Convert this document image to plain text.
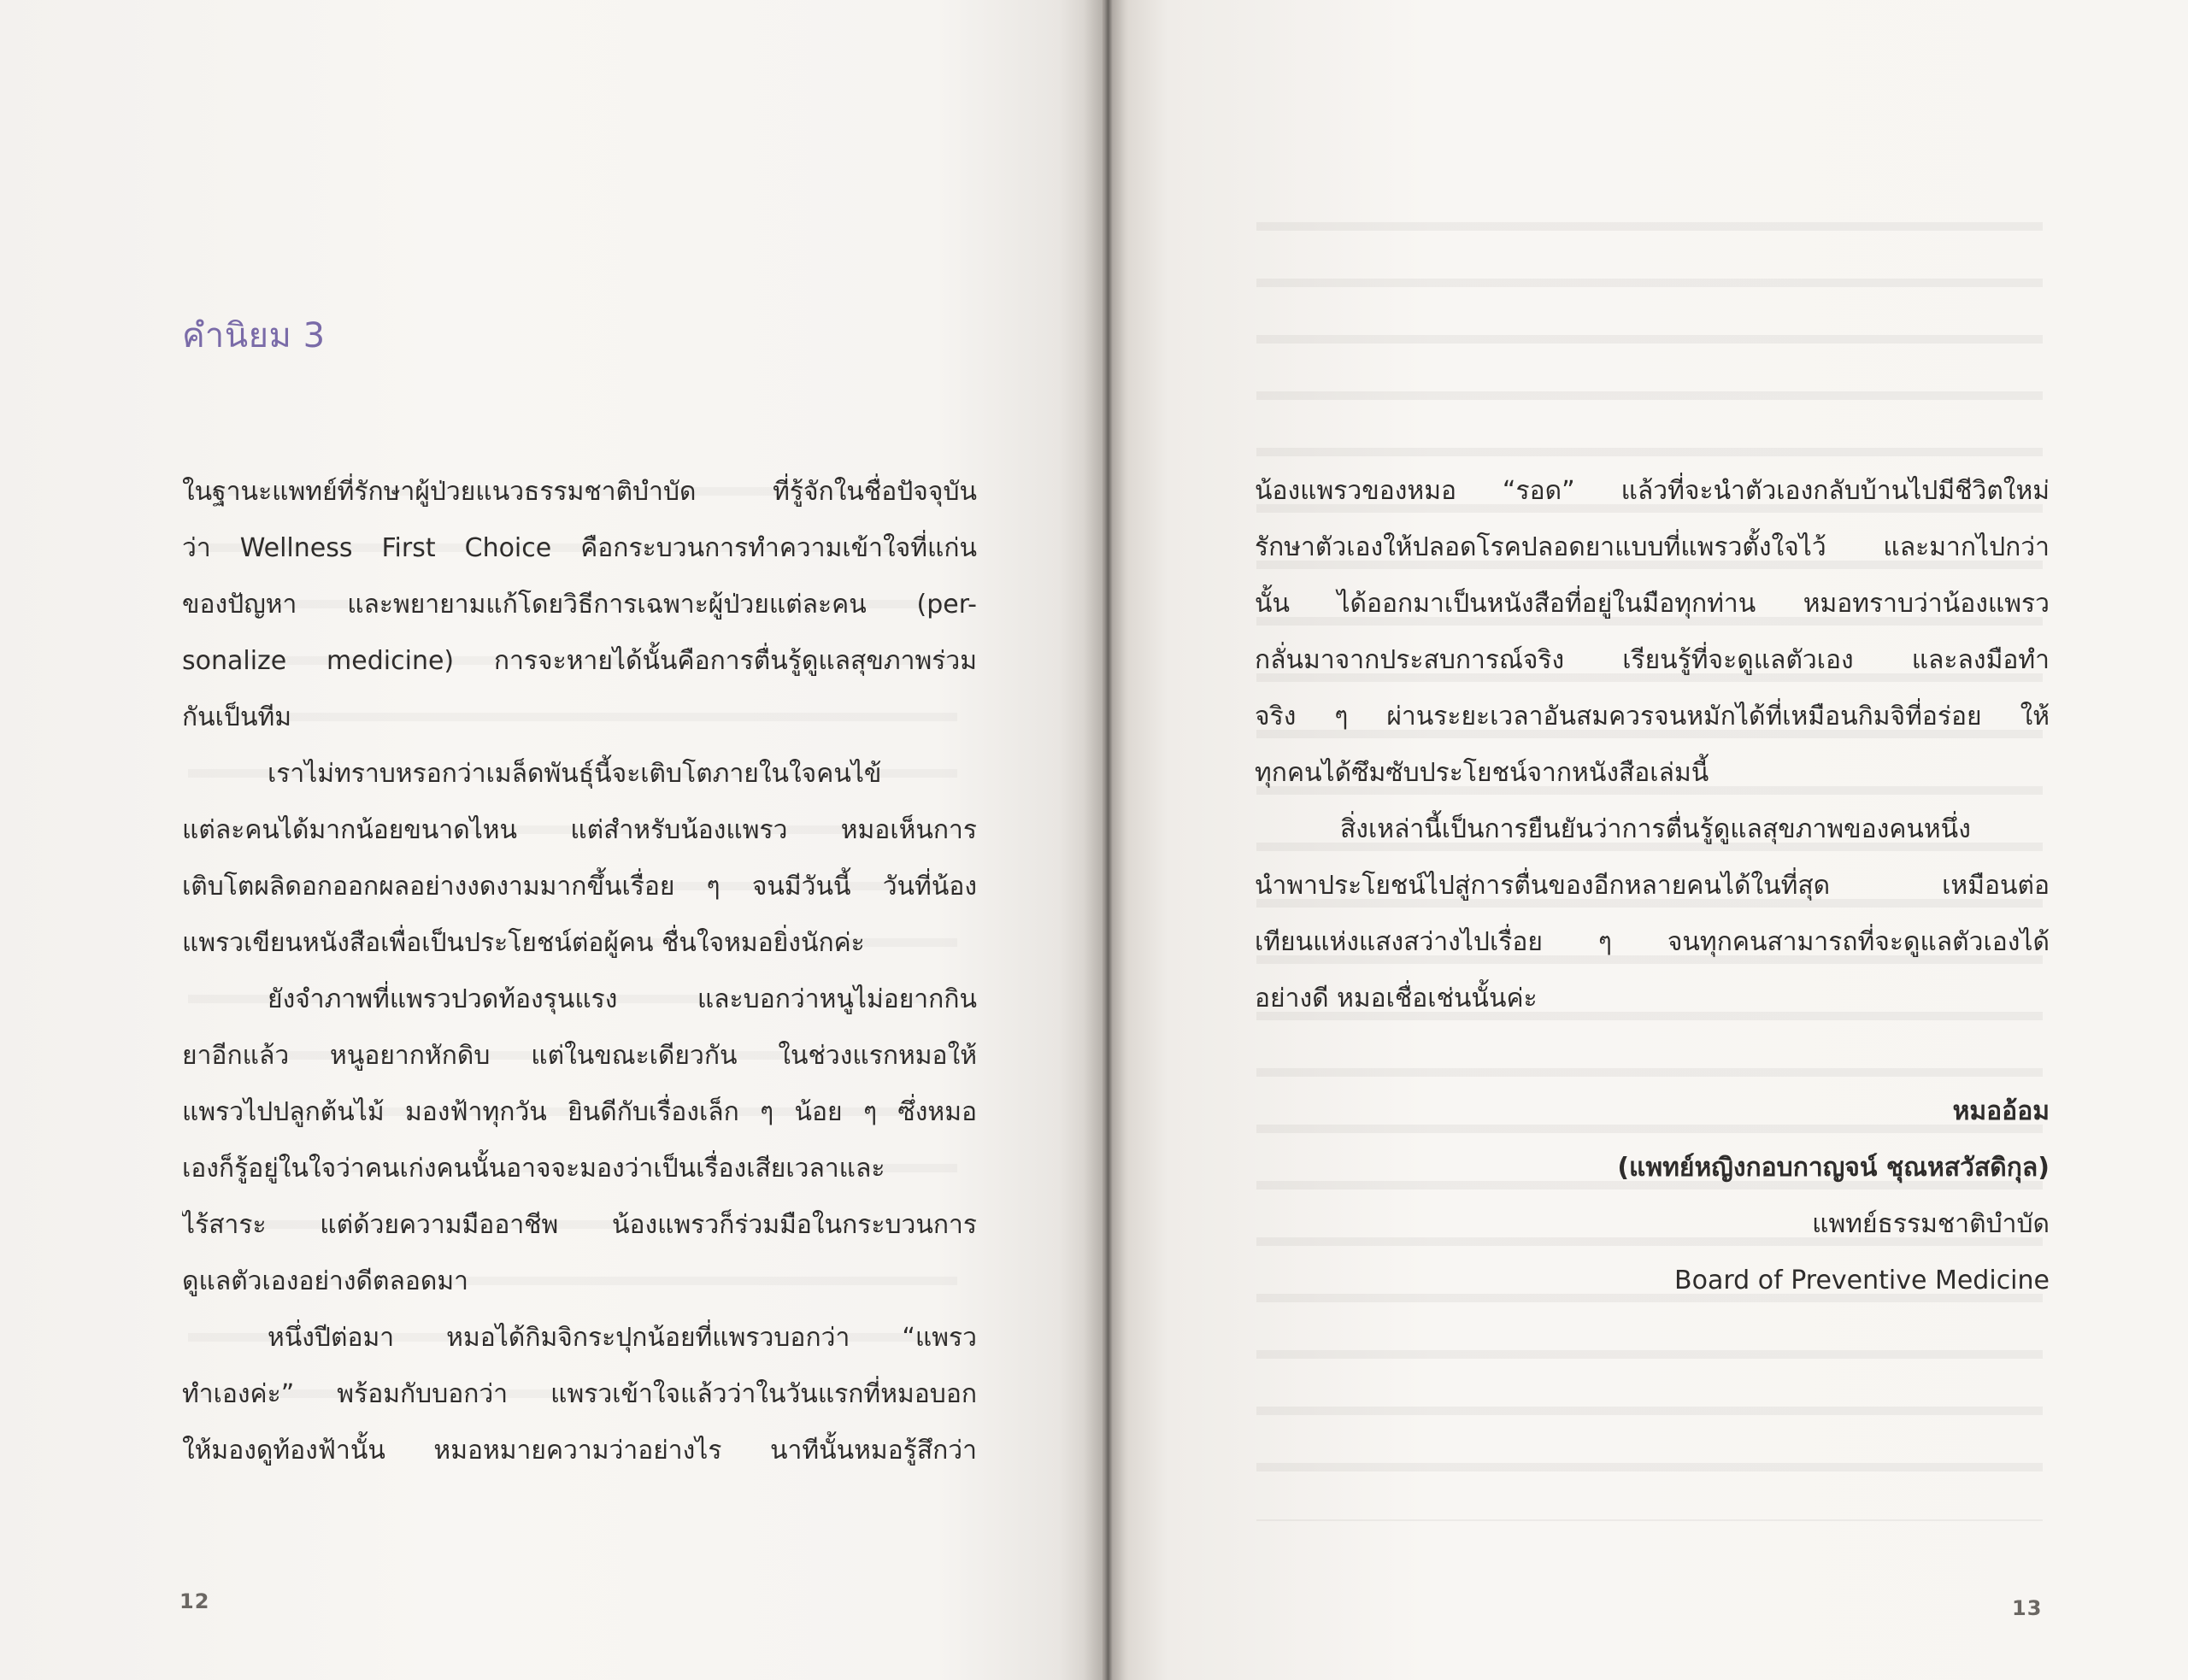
คำนิยม 3
ในฐานะแพทย์ที่รักษาผู้ป่วยแนวธรรมชาติบำบัด ที่รู้จักในชื่อปัจจุบัน
ว่า Wellness First Choice คือกระบวนการทำความเข้าใจที่แก่น
ของปัญหา และพยายามแก้โดยวิธีการเฉพาะผู้ป่วยแต่ละคน (per-
sonalize medicine) การจะหายได้นั้นคือการตื่นรู้ดูแลสุขภาพร่วม
กันเป็นทีม
เราไม่ทราบหรอกว่าเมล็ดพันธุ์นี้จะเติบโตภายในใจคนไข้
แต่ละคนได้มากน้อยขนาดไหน แต่สำหรับน้องแพรว หมอเห็นการ
เติบโตผลิดอกออกผลอย่างงดงามมากขึ้นเรื่อย ๆ จนมีวันนี้ วันที่น้อง
แพรวเขียนหนังสือเพื่อเป็นประโยชน์ต่อผู้คน ชื่นใจหมอยิ่งนักค่ะ
ยังจำภาพที่แพรวปวดท้องรุนแรง และบอกว่าหนูไม่อยากกิน
ยาอีกแล้ว หนูอยากหักดิบ แต่ในขณะเดียวกัน ในช่วงแรกหมอให้
แพรวไปปลูกต้นไม้ มองฟ้าทุกวัน ยินดีกับเรื่องเล็ก ๆ น้อย ๆ ซึ่งหมอ
เองก็รู้อยู่ในใจว่าคนเก่งคนนั้นอาจจะมองว่าเป็นเรื่องเสียเวลาและ
ไร้สาระ แต่ด้วยความมืออาชีพ น้องแพรวก็ร่วมมือในกระบวนการ
ดูแลตัวเองอย่างดีตลอดมา
หนึ่งปีต่อมา หมอได้กิมจิกระปุกน้อยที่แพรวบอกว่า “แพรว
ทำเองค่ะ” พร้อมกับบอกว่า แพรวเข้าใจแล้วว่าในวันแรกที่หมอบอก
ให้มองดูท้องฟ้านั้น หมอหมายความว่าอย่างไร นาทีนั้นหมอรู้สึกว่า
12
น้องแพรวของหมอ “รอด” แล้วที่จะนำตัวเองกลับบ้านไปมีชีวิตใหม่
รักษาตัวเองให้ปลอดโรคปลอดยาแบบที่แพรวตั้งใจไว้ และมากไปกว่า
นั้น ได้ออกมาเป็นหนังสือที่อยู่ในมือทุกท่าน หมอทราบว่าน้องแพรว
กลั่นมาจากประสบการณ์จริง เรียนรู้ที่จะดูแลตัวเอง และลงมือทำ
จริง ๆ ผ่านระยะเวลาอันสมควรจนหมักได้ที่เหมือนกิมจิที่อร่อย ให้
ทุกคนได้ซึมซับประโยชน์จากหนังสือเล่มนี้
สิ่งเหล่านี้เป็นการยืนยันว่าการตื่นรู้ดูแลสุขภาพของคนหนึ่ง
นำพาประโยชน์ไปสู่การตื่นของอีกหลายคนได้ในที่สุด เหมือนต่อ
เทียนแห่งแสงสว่างไปเรื่อย ๆ จนทุกคนสามารถที่จะดูแลตัวเองได้
อย่างดี หมอเชื่อเช่นนั้นค่ะ
หมออ้อม
(แพทย์หญิงกอบกาญจน์ ชุณหสวัสดิกุล)
แพทย์ธรรมชาติบำบัด
Board of Preventive Medicine
13
